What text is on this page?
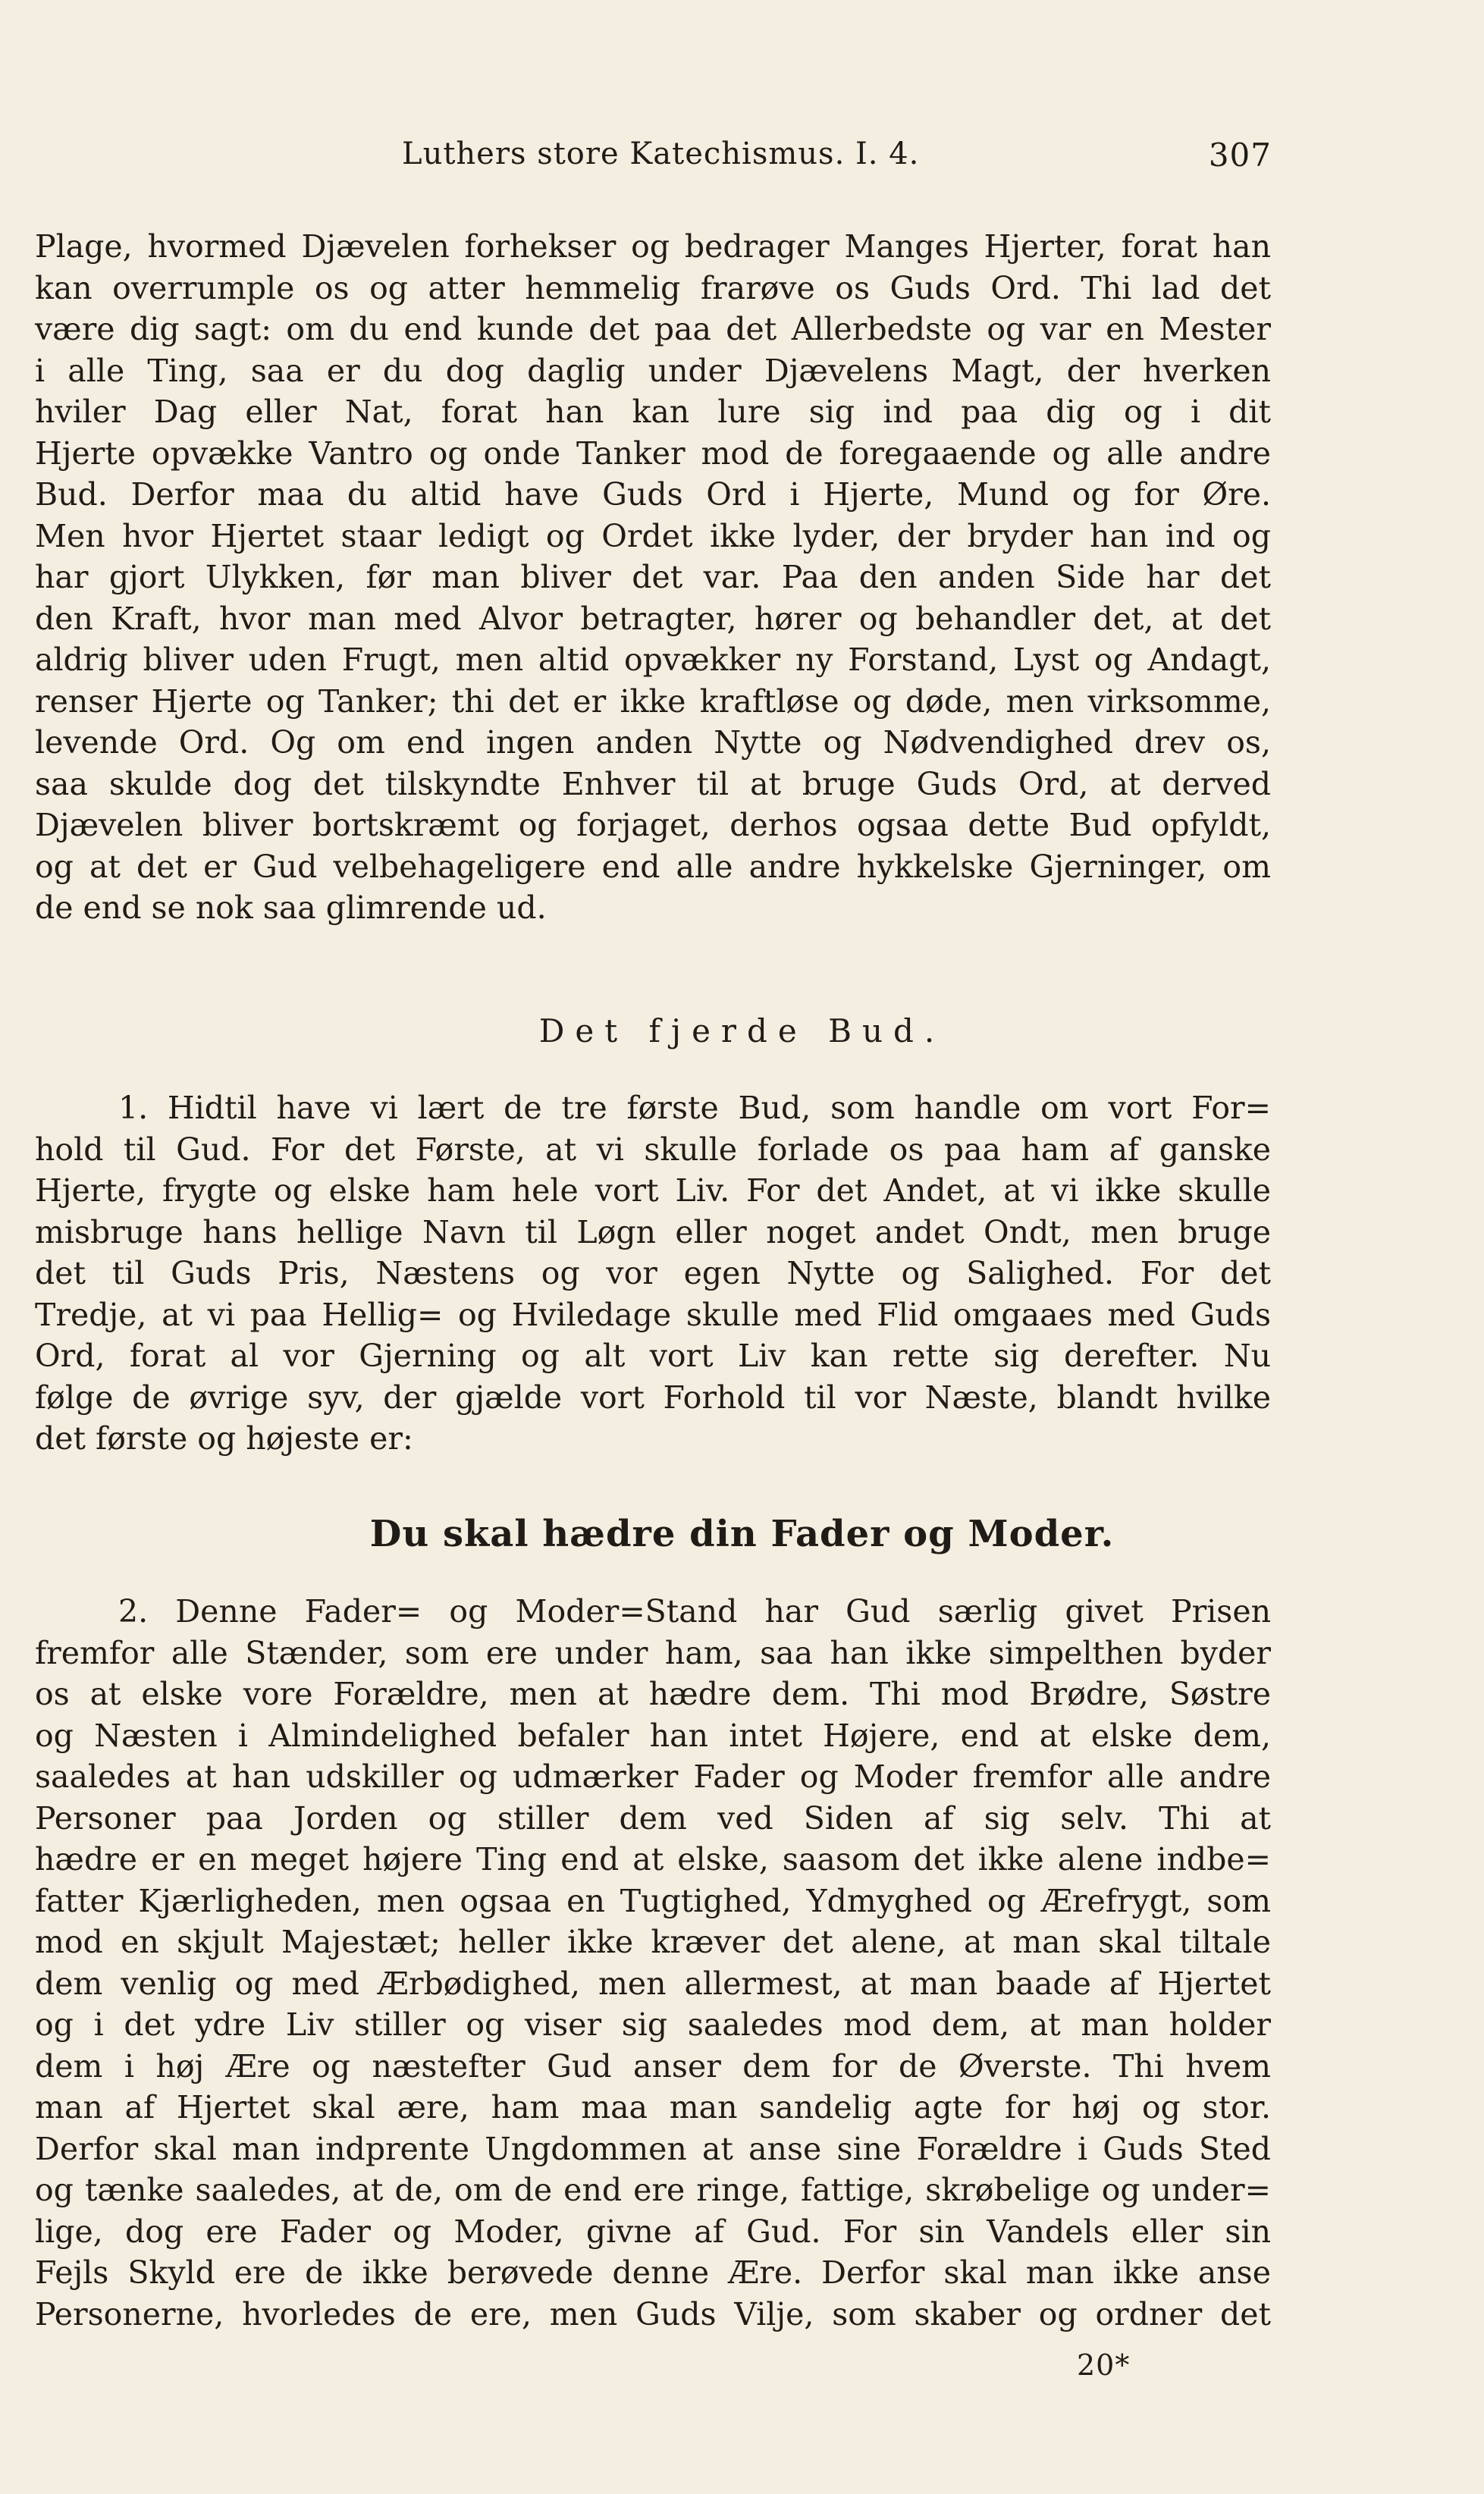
Luthers store Katechismus. I. 4.	307
Plage, hvormed Djævelen forhekser og bedrager Manges Hjerter, forat han
kan overrumple os og atter hemmelig frarøve os Guds Ord. Thi lad det
være dig sagt: om du end kunde det paa det Allerbedste og var en Mester
i alle Ting, saa er du dog daglig under Djævelens Magt, der hverken
hviler Dag eller Nat, forat han kan lure sig ind paa dig og i dit
Hjerte opvække Vantro og onde Tanker mod de foregaaende og alle andre
Bud. Derfor maa du altid have Guds Ord i Hjerte, Mund og for Øre.
Men hvor Hjertet staar ledigt og Ordet ikke lyder, der bryder han ind og
har gjort Ulykken, før man bliver det var. Paa den anden Side har det
den Kraft, hvor man med Alvor betragter, hører og behandler det, at det
aldrig bliver uden Frugt, men altid opvækker ny Forstand, Lyst og Andagt,
renser Hjerte og Tanker; thi det er ikke kraftløse og døde, men virksomme,
levende Ord. Og om end ingen anden Nytte og Nødvendighed drev os,
saa skulde dog det tilskyndte Enhver til at bruge Guds Ord, at derved
Djævelen bliver bortskræmt og forjaget, derhos ogsaa dette Bud opfyldt,
og at det er Gud velbehageligere end alle andre hykkelske Gjerninger, om
de end se nok saa glimrende ud.
Det fjerde Bud.
1. Hidtil have vi lært de tre første Bud, som handle om vort For=
hold til Gud. For det Første, at vi skulle forlade os paa ham af ganske
Hjerte, frygte og elske ham hele vort Liv. For det Andet, at vi ikke skulle
misbruge hans hellige Navn til Løgn eller noget andet Ondt, men bruge
det til Guds Pris, Næstens og vor egen Nytte og Salighed. For det
Tredje, at vi paa Hellig= og Hviledage skulle med Flid omgaaes med Guds
Ord, forat al vor Gjerning og alt vort Liv kan rette sig derefter. Nu
følge de øvrige syv, der gjælde vort Forhold til vor Næste, blandt hvilke
det første og højeste er:
Du skal hædre din Fader og Moder.
2. Denne Fader= og Moder=Stand har Gud særlig givet Prisen
fremfor alle Stænder, som ere under ham, saa han ikke simpelthen byder
os at elske vore Forældre, men at hædre dem. Thi mod Brødre, Søstre
og Næsten i Almindelighed befaler han intet Højere, end at elske dem,
saaledes at han udskiller og udmærker Fader og Moder fremfor alle andre
Personer paa Jorden og stiller dem ved Siden af sig selv. Thi at
hædre er en meget højere Ting end at elske, saasom det ikke alene indbe=
fatter Kjærligheden, men ogsaa en Tugtighed, Ydmyghed og Ærefrygt, som
mod en skjult Majestæt; heller ikke kræver det alene, at man skal tiltale
dem venlig og med Ærbødighed, men allermest, at man baade af Hjertet
og i det ydre Liv stiller og viser sig saaledes mod dem, at man holder
dem i høj Ære og næstefter Gud anser dem for de Øverste. Thi hvem
man af Hjertet skal ære, ham maa man sandelig agte for høj og stor.
Derfor skal man indprente Ungdommen at anse sine Forældre i Guds Sted
og tænke saaledes, at de, om de end ere ringe, fattige, skrøbelige og under=
lige, dog ere Fader og Moder, givne af Gud. For sin Vandels eller sin
Fejls Skyld ere de ikke berøvede denne Ære. Derfor skal man ikke anse
Personerne, hvorledes de ere, men Guds Vilje, som skaber og ordner det
20*
